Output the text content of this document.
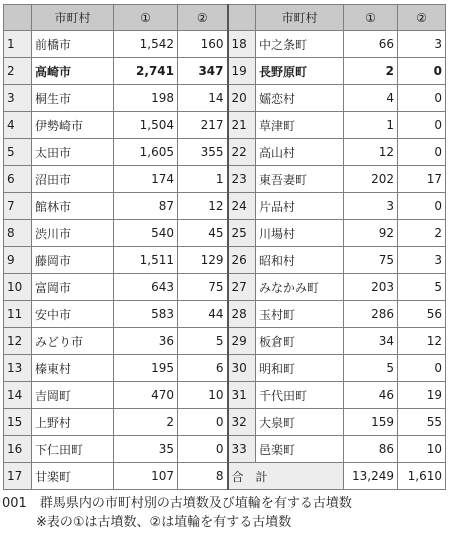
	市町村	①	②		市町村	①	②
1	前橋市	1,542	160	18	中之条町	66	3
2	高崎市	2,741	347	19	長野原町	2	0
3	桐生市	198	14	20	嬬恋村	4	0
4	伊勢崎市	1,504	217	21	草津町	1	0
5	太田市	1,605	355	22	高山村	12	0
6	沼田市	174	1	23	東吾妻町	202	17
7	館林市	87	12	24	片品村	3	0
8	渋川市	540	45	25	川場村	92	2
9	藤岡市	1,511	129	26	昭和村	75	3
10	富岡市	643	75	27	みなかみ町	203	5
11	安中市	583	44	28	玉村町	286	56
12	みどり市	36	5	29	板倉町	34	12
13	榛東村	195	6	30	明和町	5	0
14	吉岡町	470	10	31	千代田町	46	19
15	上野村	2	0	32	大泉町	159	55
16	下仁田町	35	0	33	邑楽町	86	10
17	甘楽町	107	8	合　計		13,249	1,610
001　群馬県内の市町村別の古墳数及び埴輪を有する古墳数
※表の①は古墳数、②は埴輪を有する古墳数
